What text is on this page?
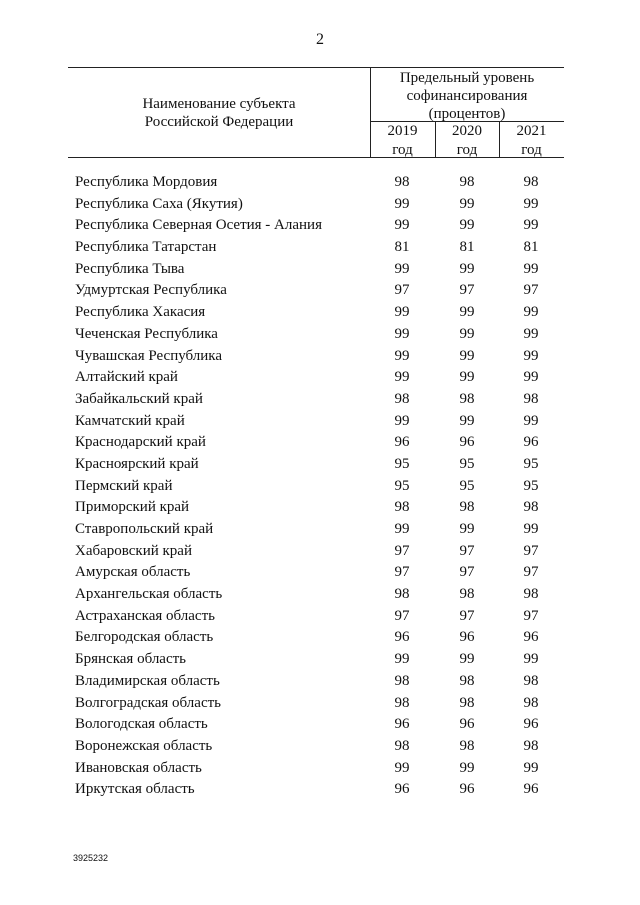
2
Наименование субъекта
Российской Федерации
Предельный уровень
софинансирования
(процентов)
2019
год
2020
год
2021
год
Республика Мордовия	98	98	98
Республика Саха (Якутия)	99	99	99
Республика Северная Осетия - Алания	99	99	99
Республика Татарстан	81	81	81
Республика Тыва	99	99	99
Удмуртская Республика	97	97	97
Республика Хакасия	99	99	99
Чеченская Республика	99	99	99
Чувашская Республика	99	99	99
Алтайский край	99	99	99
Забайкальский край	98	98	98
Камчатский край	99	99	99
Краснодарский край	96	96	96
Красноярский край	95	95	95
Пермский край	95	95	95
Приморский край	98	98	98
Ставропольский край	99	99	99
Хабаровский край	97	97	97
Амурская область	97	97	97
Архангельская область	98	98	98
Астраханская область	97	97	97
Белгородская область	96	96	96
Брянская область	99	99	99
Владимирская область	98	98	98
Волгоградская область	98	98	98
Вологодская область	96	96	96
Воронежская область	98	98	98
Ивановская область	99	99	99
Иркутская область	96	96	96
3925232
